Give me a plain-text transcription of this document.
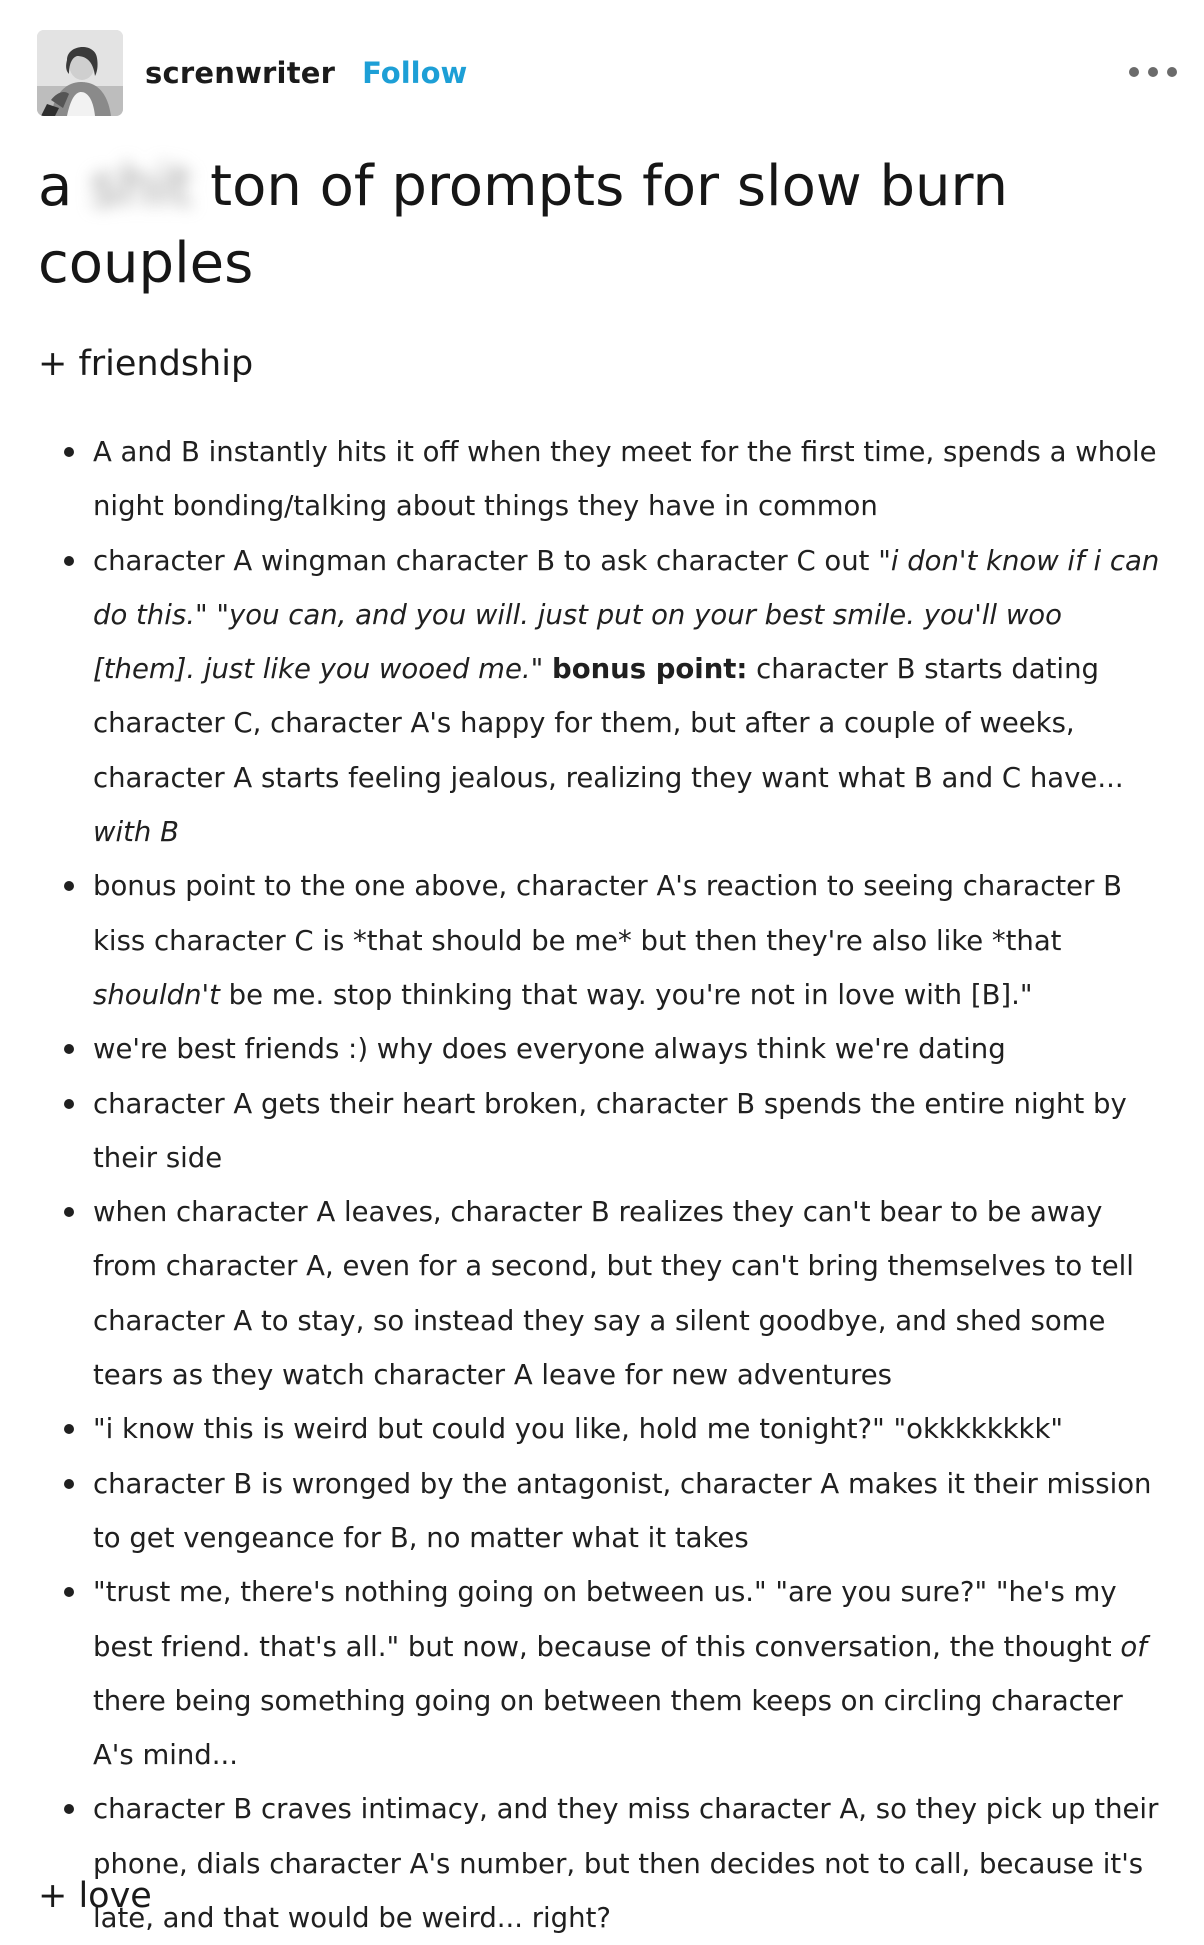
screnwriter Follow
a shit ton of prompts for slow burn couples
+ friendship
A and B instantly hits it off when they meet for the first time, spends a whole night bonding/talking about things they have in common
character A wingman character B to ask character C out "i don't know if i can do this." "you can, and you will. just put on your best smile. you'll woo [them]. just like you wooed me." bonus point: character B starts dating character C, character A's happy for them, but after a couple of weeks, character A starts feeling jealous, realizing they want what B and C have... with B
bonus point to the one above, character A's reaction to seeing character B kiss character C is *that should be me* but then they're also like *that shouldn't be me. stop thinking that way. you're not in love with [B]."
we're best friends :) why does everyone always think we're dating
character A gets their heart broken, character B spends the entire night by their side
when character A leaves, character B realizes they can't bear to be away from character A, even for a second, but they can't bring themselves to tell character A to stay, so instead they say a silent goodbye, and shed some tears as they watch character A leave for new adventures
"i know this is weird but could you like, hold me tonight?" "okkkkkkkk"
character B is wronged by the antagonist, character A makes it their mission to get vengeance for B, no matter what it takes
"trust me, there's nothing going on between us." "are you sure?" "he's my best friend. that's all." but now, because of this conversation, the thought of there being something going on between them keeps on circling character A's mind...
character B craves intimacy, and they miss character A, so they pick up their phone, dials character A's number, but then decides not to call, because it's late, and that would be weird... right?
+ love
